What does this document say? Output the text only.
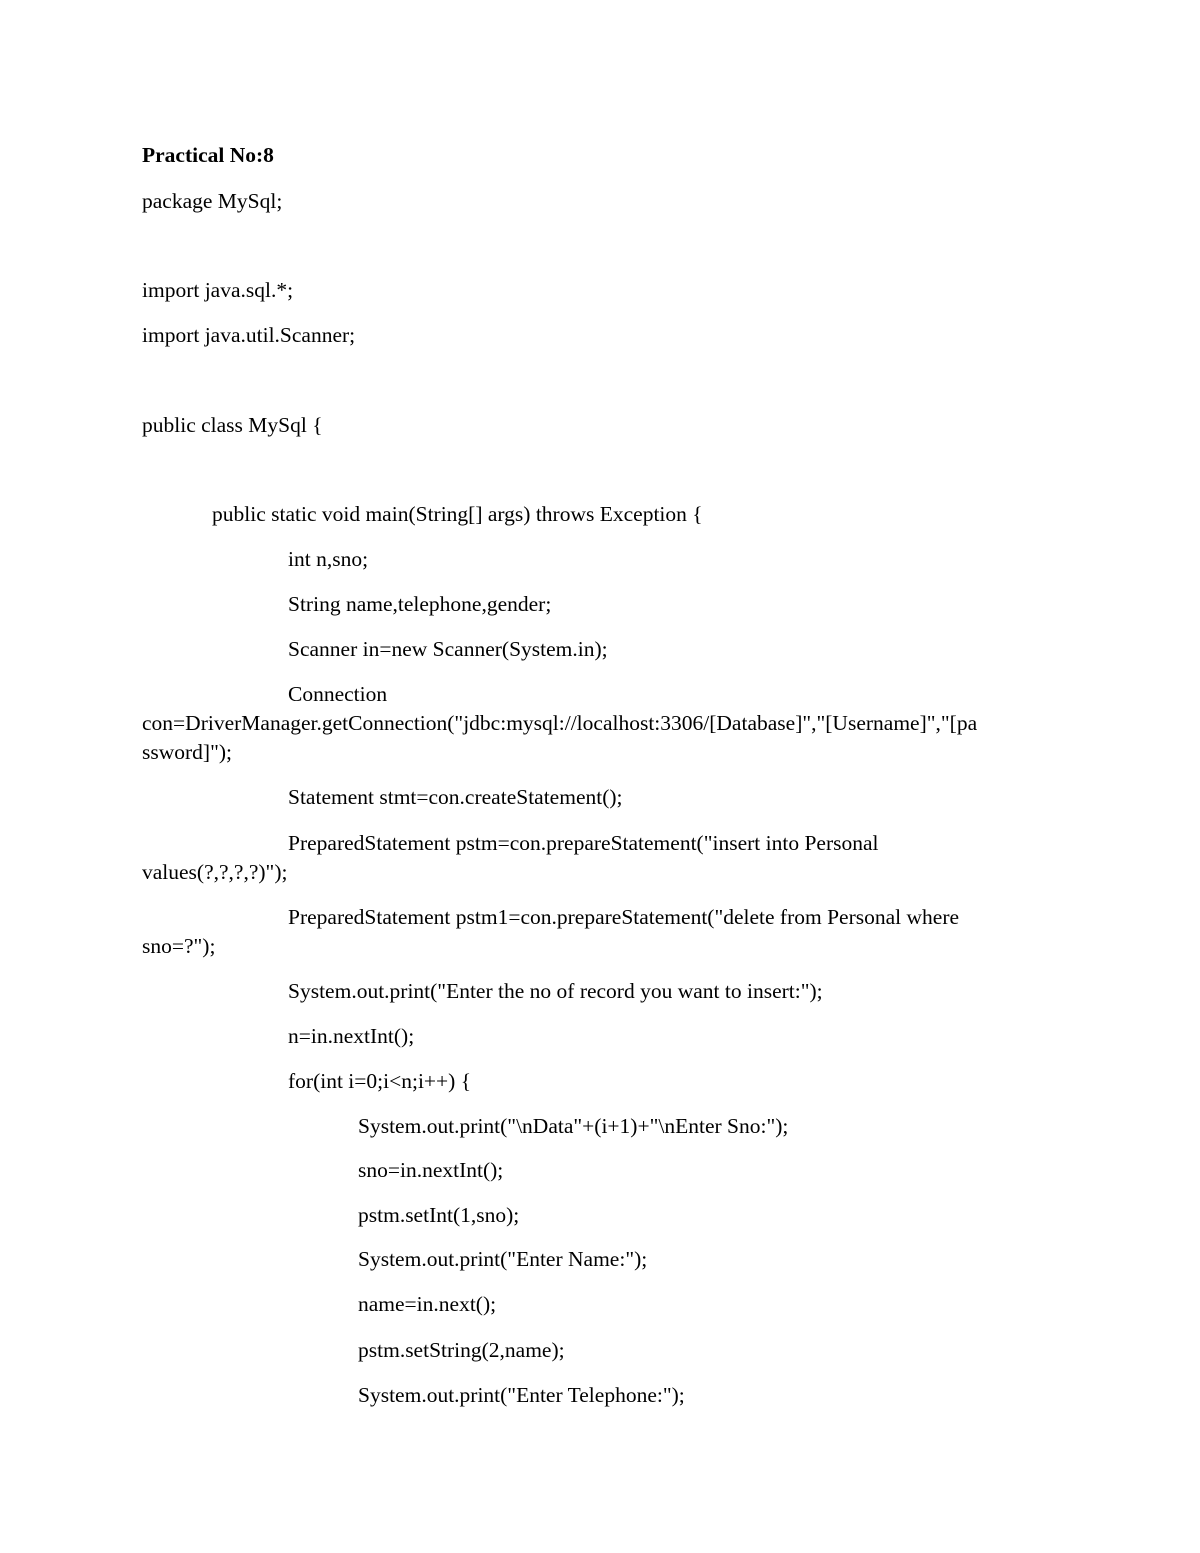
Practical No:8
package MySql;
import java.sql.*;
import java.util.Scanner;
public class MySql {
public static void main(String[] args) throws Exception {
int n,sno;
String name,telephone,gender;
Scanner in=new Scanner(System.in);
Connection
con=DriverManager.getConnection("jdbc:mysql://localhost:3306/[Database]","[Username]","[pa
ssword]");
Statement stmt=con.createStatement();
PreparedStatement pstm=con.prepareStatement("insert into Personal
values(?,?,?,?)");
PreparedStatement pstm1=con.prepareStatement("delete from Personal where
sno=?");
System.out.print("Enter the no of record you want to insert:");
n=in.nextInt();
for(int i=0;i<n;i++) {
System.out.print("\nData"+(i+1)+"\nEnter Sno:");
sno=in.nextInt();
pstm.setInt(1,sno);
System.out.print("Enter Name:");
name=in.next();
pstm.setString(2,name);
System.out.print("Enter Telephone:");
